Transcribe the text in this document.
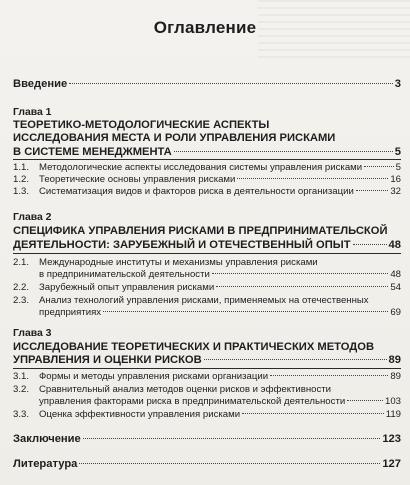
Оглавление
Введение	3
Глава 1
ТЕОРЕТИКО-МЕТОДОЛОГИЧЕСКИЕ АСПЕКТЫ
ИССЛЕДОВАНИЯ МЕСТА И РОЛИ УПРАВЛЕНИЯ РИСКАМИ
В СИСТЕМЕ МЕНЕДЖМЕНТА	5
1.1.	Методологические аспекты исследования системы управления рисками	5
1.2.	Теоретические основы управления рисками	16
1.3.	Систематизация видов и факторов риска в деятельности организации	32
Глава 2
СПЕЦИФИКА УПРАВЛЕНИЯ РИСКАМИ В ПРЕДПРИНИМАТЕЛЬСКОЙ
ДЕЯТЕЛЬНОСТИ: ЗАРУБЕЖНЫЙ И ОТЕЧЕСТВЕННЫЙ ОПЫТ	48
2.1. Международные институты и механизмы управления рисками
в предпринимательской деятельности	48
2.2.	Зарубежный опыт управления рисками	54
2.3. Анализ технологий управления рисками, применяемых на отечественных
предприятиях	69
Глава 3
ИССЛЕДОВАНИЕ ТЕОРЕТИЧЕСКИХ И ПРАКТИЧЕСКИХ МЕТОДОВ
УПРАВЛЕНИЯ И ОЦЕНКИ РИСКОВ	89
3.1.	Формы и методы управления рисками организации	89
3.2. Сравнительный анализ методов оценки рисков и эффективности
управления факторами риска в предпринимательской деятельности	103
3.3.	Оценка эффективности управления рисками	119
Заключение	123
Литература	127
